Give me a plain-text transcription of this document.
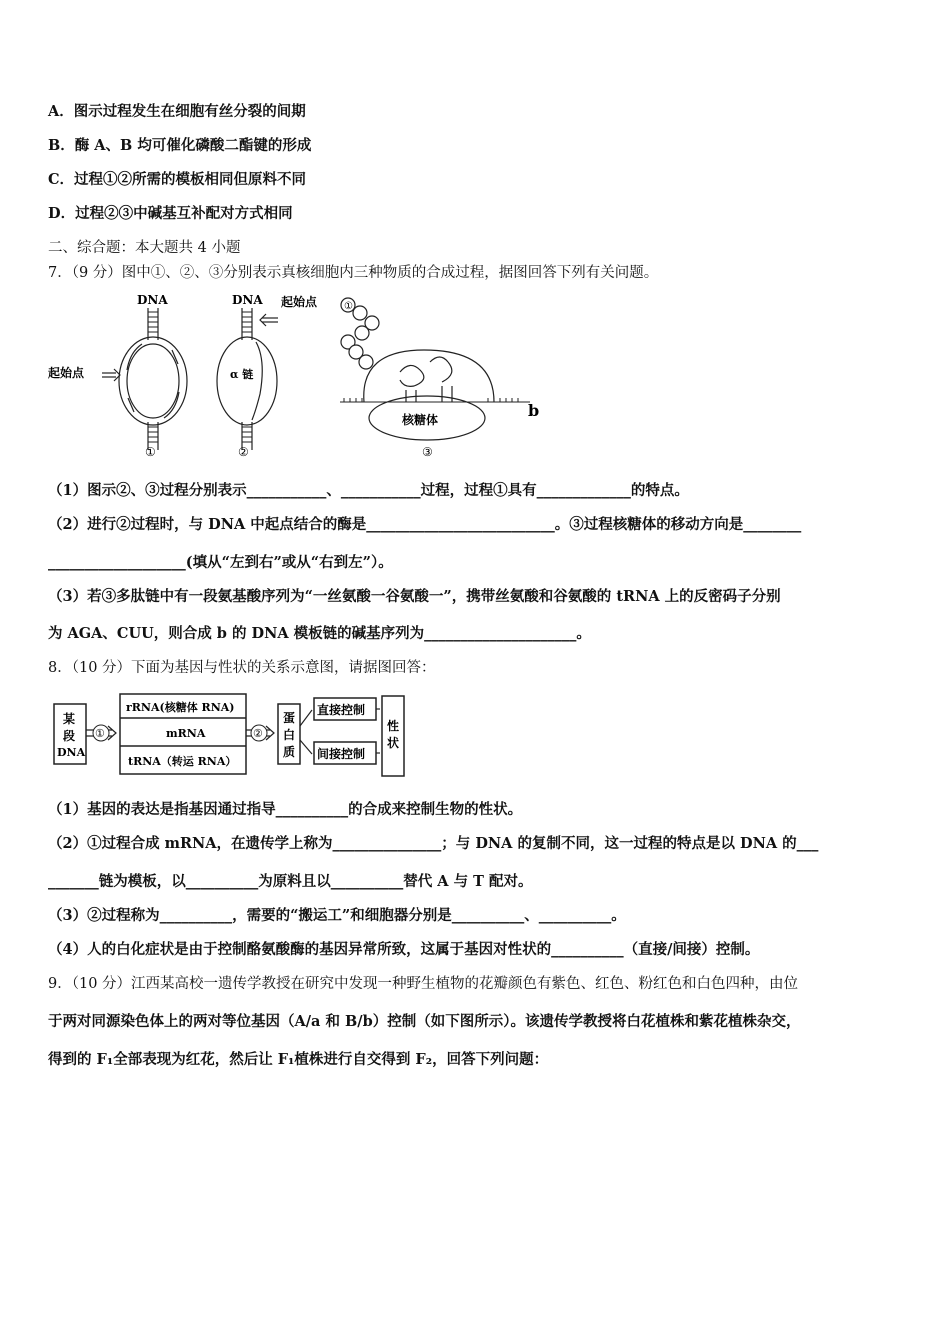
A．图示过程发生在细胞有丝分裂的间期
B．酶 A、B 均可催化磷酸二酯键的形成
C．过程①②所需的模板相同但原料不同
D．过程②③中碱基互补配对方式相同
二、综合题：本大题共 4 小题
7．（9 分）图中①、②、③分别表示真核细胞内三种物质的合成过程，据图回答下列有关问题。
DNA
起始点
①
DNA 起始点
α 链
②
①
b
核糖体
③
（1）图示②、③过程分别表示___________、___________过程，过程①具有_____________的特点。
（2）进行②过程时，与 DNA 中起点结合的酶是__________________________。③过程核糖体的移动方向是________
___________________(填从“左到右”或从“右到左”）。
（3）若③多肽链中有一段氨基酸序列为“一丝氨酸一谷氨酸一”，携带丝氨酸和谷氨酸的 tRNA 上的反密码子分别
为 AGA、CUU，则合成 b 的 DNA 模板链的碱基序列为_____________________。
8．（10 分）下面为基因与性状的关系示意图，请据图回答：
某
段
DNA
①	②
rRNA(核糖体 RNA)
mRNA
tRNA（转运 RNA）
蛋
白
质
直接控制
间接控制
性
状
（1）基因的表达是指基因通过指导__________的合成来控制生物的性状。
（2）①过程合成 mRNA，在遗传学上称为_______________；与 DNA 的复制不同，这一过程的特点是以 DNA 的___
_______链为模板，以__________为原料且以__________替代 A 与 T 配对。
（3）②过程称为__________，需要的“搬运工”和细胞器分别是__________、__________。
（4）人的白化症状是由于控制酪氨酸酶的基因异常所致，这属于基因对性状的__________（直接/间接）控制。
9．（10 分）江西某高校一遗传学教授在研究中发现一种野生植物的花瓣颜色有紫色、红色、粉红色和白色四种，由位
于两对同源染色体上的两对等位基因（A/a 和 B/b）控制（如下图所示）。该遗传学教授将白花植株和紫花植株杂交，
得到的 F₁全部表现为红花，然后让 F₁植株进行自交得到 F₂，回答下列问题：
